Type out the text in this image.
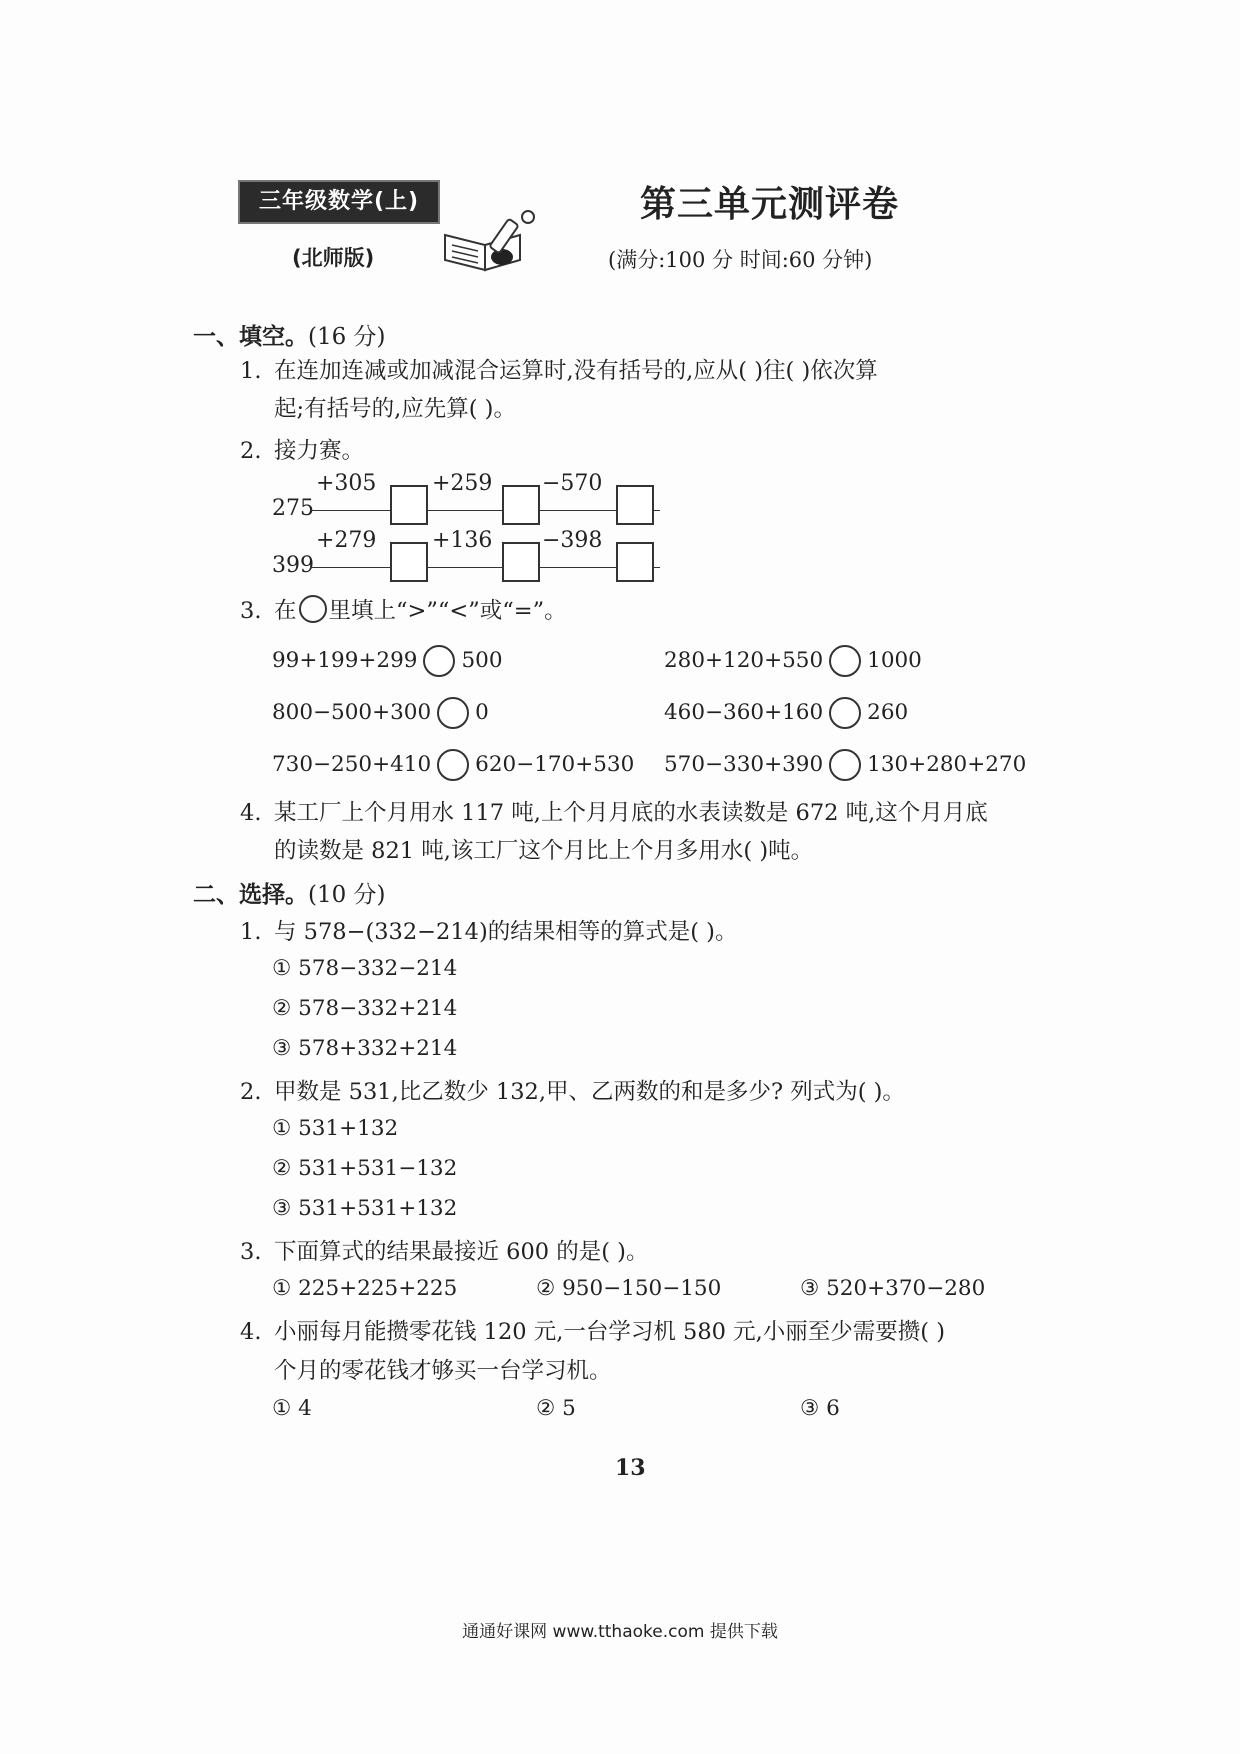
三年级数学(上)
(北师版)
第三单元测评卷
(满分:100 分 时间:60 分钟)
一、填空。(16 分)
1. 在连加连减或加减混合运算时,没有括号的,应从( )往( )依次算
起;有括号的,应先算( )。
2. 接力赛。
275
+305	+259 −570
399
+279	+136 −398
3. 在 里填上“>”“<”或“=”。
99+199+299 500	280+120+550 1000
800−500+300 0	460−360+160 260
730−250+410 620−170+530 570−330+390 130+280+270
4. 某工厂上个月用水 117 吨,上个月月底的水表读数是 672 吨,这个月月底
的读数是 821 吨,该工厂这个月比上个月多用水( )吨。
二、选择。(10 分)
1. 与 578−(332−214)的结果相等的算式是( )。
① 578−332−214
② 578−332+214
③ 578+332+214
2. 甲数是 531,比乙数少 132,甲、乙两数的和是多少? 列式为( )。
① 531+132
② 531+531−132
③ 531+531+132
3. 下面算式的结果最接近 600 的是( )。
① 225+225+225	② 950−150−150	③ 520+370−280
4. 小丽每月能攒零花钱 120 元,一台学习机 580 元,小丽至少需要攒( )
个月的零花钱才够买一台学习机。
① 4	② 5	③ 6
13
通通好课网 www.tthaoke.com 提供下载
